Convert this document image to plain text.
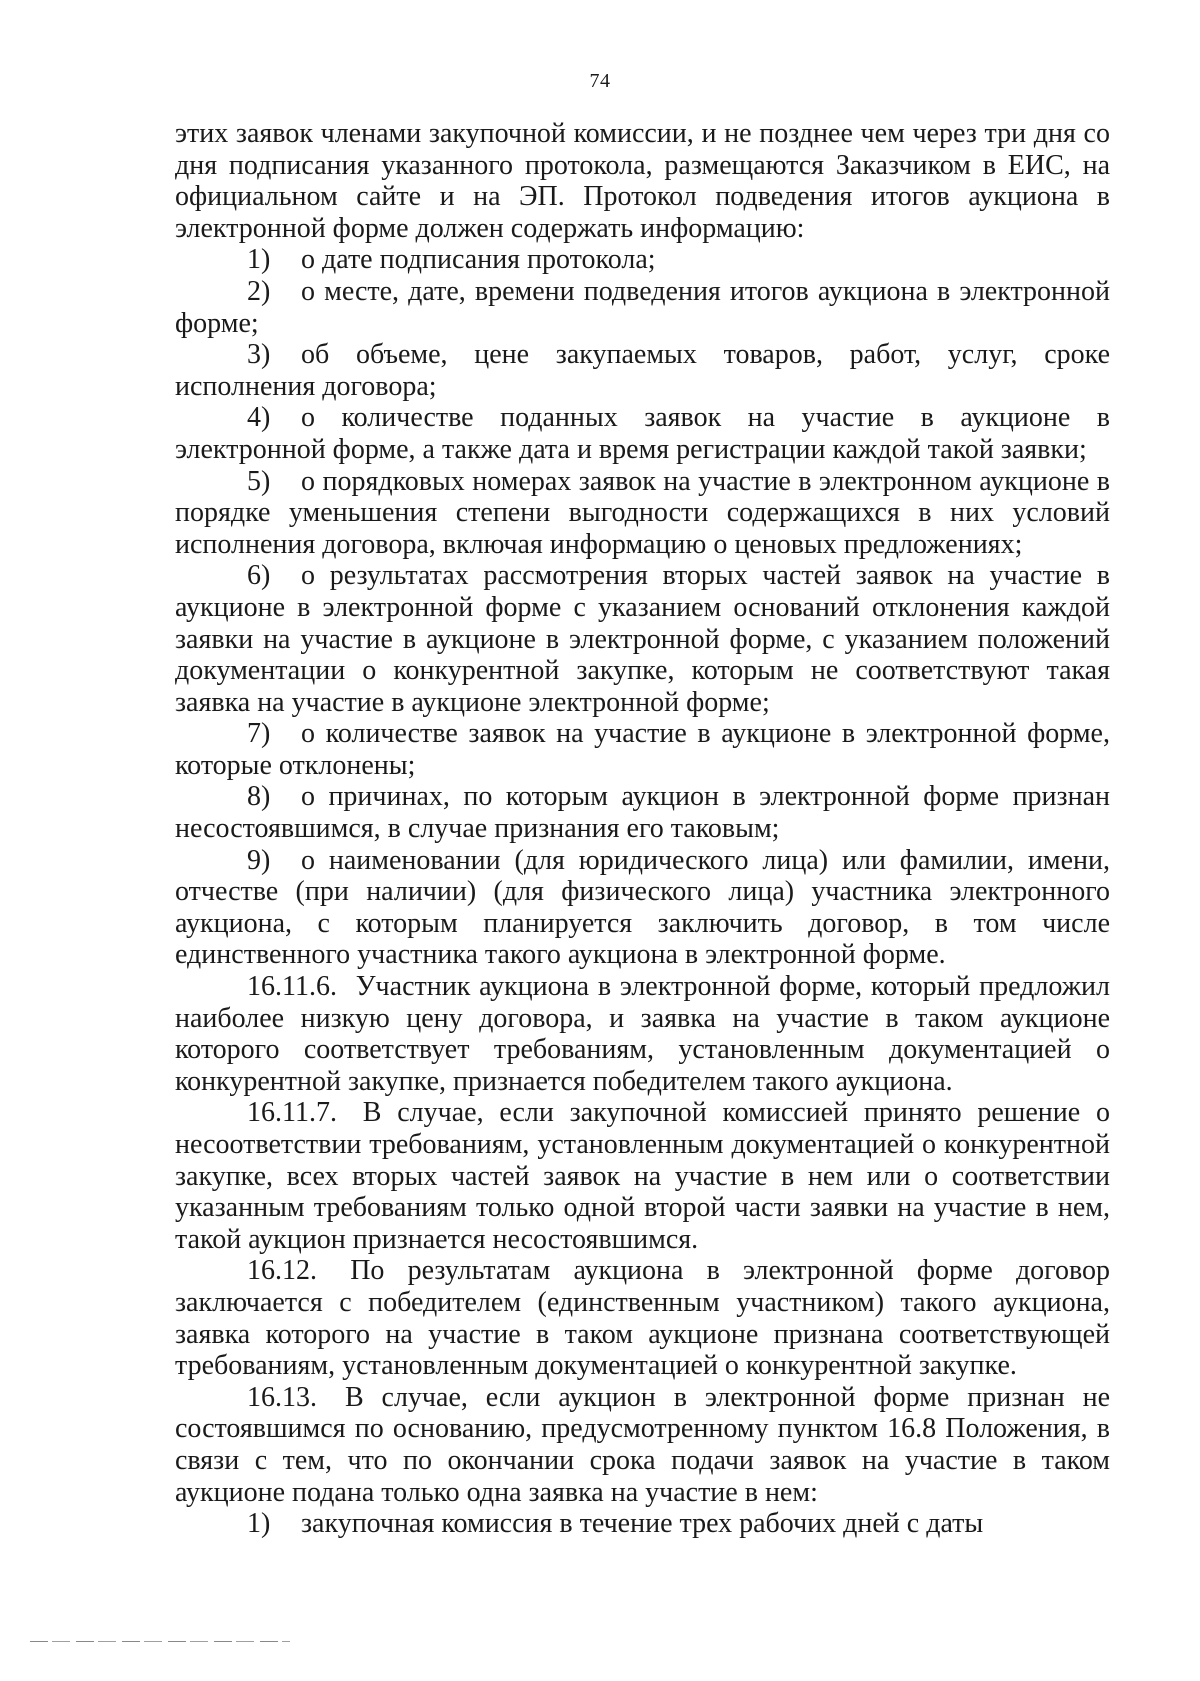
74

этих заявок членами закупочной комиссии, и не позднее чем через три дня со дня подписания указанного протокола, размещаются Заказчиком в ЕИС, на официальном сайте и на ЭП. Протокол подведения итогов аукциона в электронной форме должен содержать информацию:

1) о дате подписания протокола;

2) о месте, дате, времени подведения итогов аукциона в электронной форме;

3) об объеме, цене закупаемых товаров, работ, услуг, сроке исполнения договора;

4) о количестве поданных заявок на участие в аукционе в электронной форме, а также дата и время регистрации каждой такой заявки;

5) о порядковых номерах заявок на участие в электронном аукционе в порядке уменьшения степени выгодности содержащихся в них условий исполнения договора, включая информацию о ценовых предложениях;

6) о результатах рассмотрения вторых частей заявок на участие в аукционе в электронной форме с указанием оснований отклонения каждой заявки на участие в аукционе в электронной форме, с указанием положений документации о конкурентной закупке, которым не соответствуют такая заявка на участие в аукционе электронной форме;

7) о количестве заявок на участие в аукционе в электронной форме, которые отклонены;

8) о причинах, по которым аукцион в электронной форме признан несостоявшимся, в случае признания его таковым;

9) о наименовании (для юридического лица) или фамилии, имени, отчестве (при наличии) (для физического лица) участника электронного аукциона, с которым планируется заключить договор, в том числе единственного участника такого аукциона в электронной форме.

16.11.6. Участник аукциона в электронной форме, который предложил наиболее низкую цену договора, и заявка на участие в таком аукционе которого соответствует требованиям, установленным документацией о конкурентной закупке, признается победителем такого аукциона.

16.11.7. В случае, если закупочной комиссией принято решение о несоответствии требованиям, установленным документацией о конкурентной закупке, всех вторых частей заявок на участие в нем или о соответствии указанным требованиям только одной второй части заявки на участие в нем, такой аукцион признается несостоявшимся.

16.12. По результатам аукциона в электронной форме договор заключается с победителем (единственным участником) такого аукциона, заявка которого на участие в таком аукционе признана соответствующей требованиям, установленным документацией о конкурентной закупке.

16.13. В случае, если аукцион в электронной форме признан не состоявшимся по основанию, предусмотренному пунктом 16.8 Положения, в связи с тем, что по окончании срока подачи заявок на участие в таком аукционе подана только одна заявка на участие в нем:

1) закупочная комиссия в течение трех рабочих дней с даты
